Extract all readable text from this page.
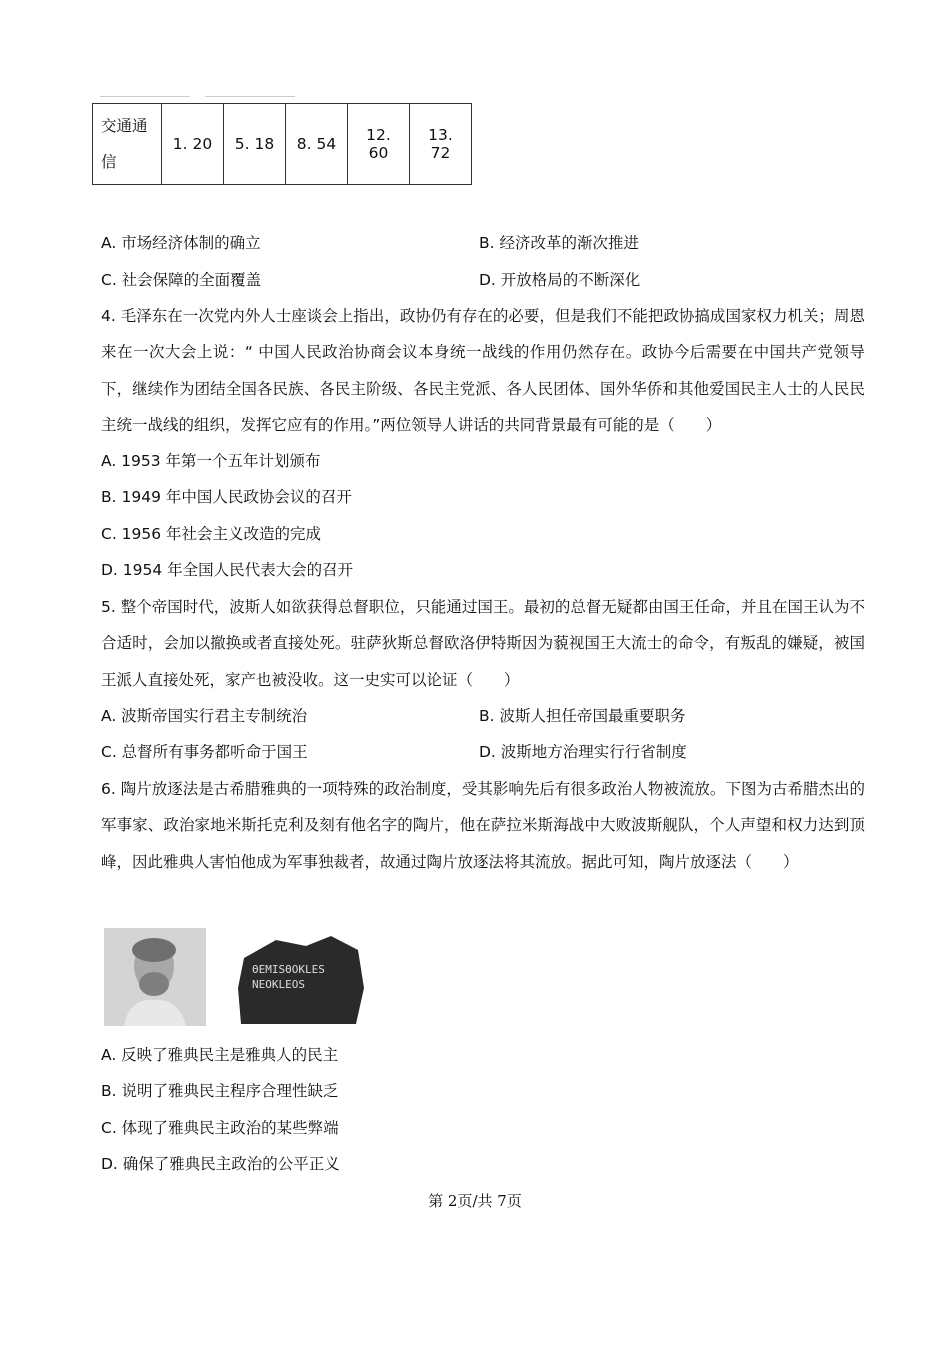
交通通信	1. 20	5. 18	8. 54	12. 60	13. 72
A. 市场经济体制的确立	B. 经济改革的渐次推进
C. 社会保障的全面覆盖	D. 开放格局的不断深化
4. 毛泽东在一次党内外人士座谈会上指出，政协仍有存在的必要，但是我们不能把政协搞成国家权力机关；周恩来在一次大会上说：“ 中国人民政治协商会议本身统一战线的作用仍然存在。政协今后需要在中国共产党领导下，继续作为团结全国各民族、各民主阶级、各民主党派、各人民团体、国外华侨和其他爱国民主人士的人民民主统一战线的组织，发挥它应有的作用。”两位领导人讲话的共同背景最有可能的是（　　）
A. 1953 年第一个五年计划颁布
B. 1949 年中国人民政协会议的召开
C. 1956 年社会主义改造的完成
D. 1954 年全国人民代表大会的召开
5. 整个帝国时代，波斯人如欲获得总督职位，只能通过国王。最初的总督无疑都由国王任命，并且在国王认为不合适时，会加以撤换或者直接处死。驻萨狄斯总督欧洛伊特斯因为藐视国王大流士的命令，有叛乱的嫌疑，被国王派人直接处死，家产也被没收。这一史实可以论证（　　）
A. 波斯帝国实行君主专制统治	B. 波斯人担任帝国最重要职务
C. 总督所有事务都听命于国王	D. 波斯地方治理实行行省制度
6. 陶片放逐法是古希腊雅典的一项特殊的政治制度，受其影响先后有很多政治人物被流放。下图为古希腊杰出的军事家、政治家地米斯托克利及刻有他名字的陶片，他在萨拉米斯海战中大败波斯舰队，个人声望和权力达到顶峰，因此雅典人害怕他成为军事独裁者，故通过陶片放逐法将其流放。据此可知，陶片放逐法（　　）
ΘEMISΘOKLES NEOKLEOS
A. 反映了雅典民主是雅典人的民主
B. 说明了雅典民主程序合理性缺乏
C. 体现了雅典民主政治的某些弊端
D. 确保了雅典民主政治的公平正义
第 2页/共 7页
